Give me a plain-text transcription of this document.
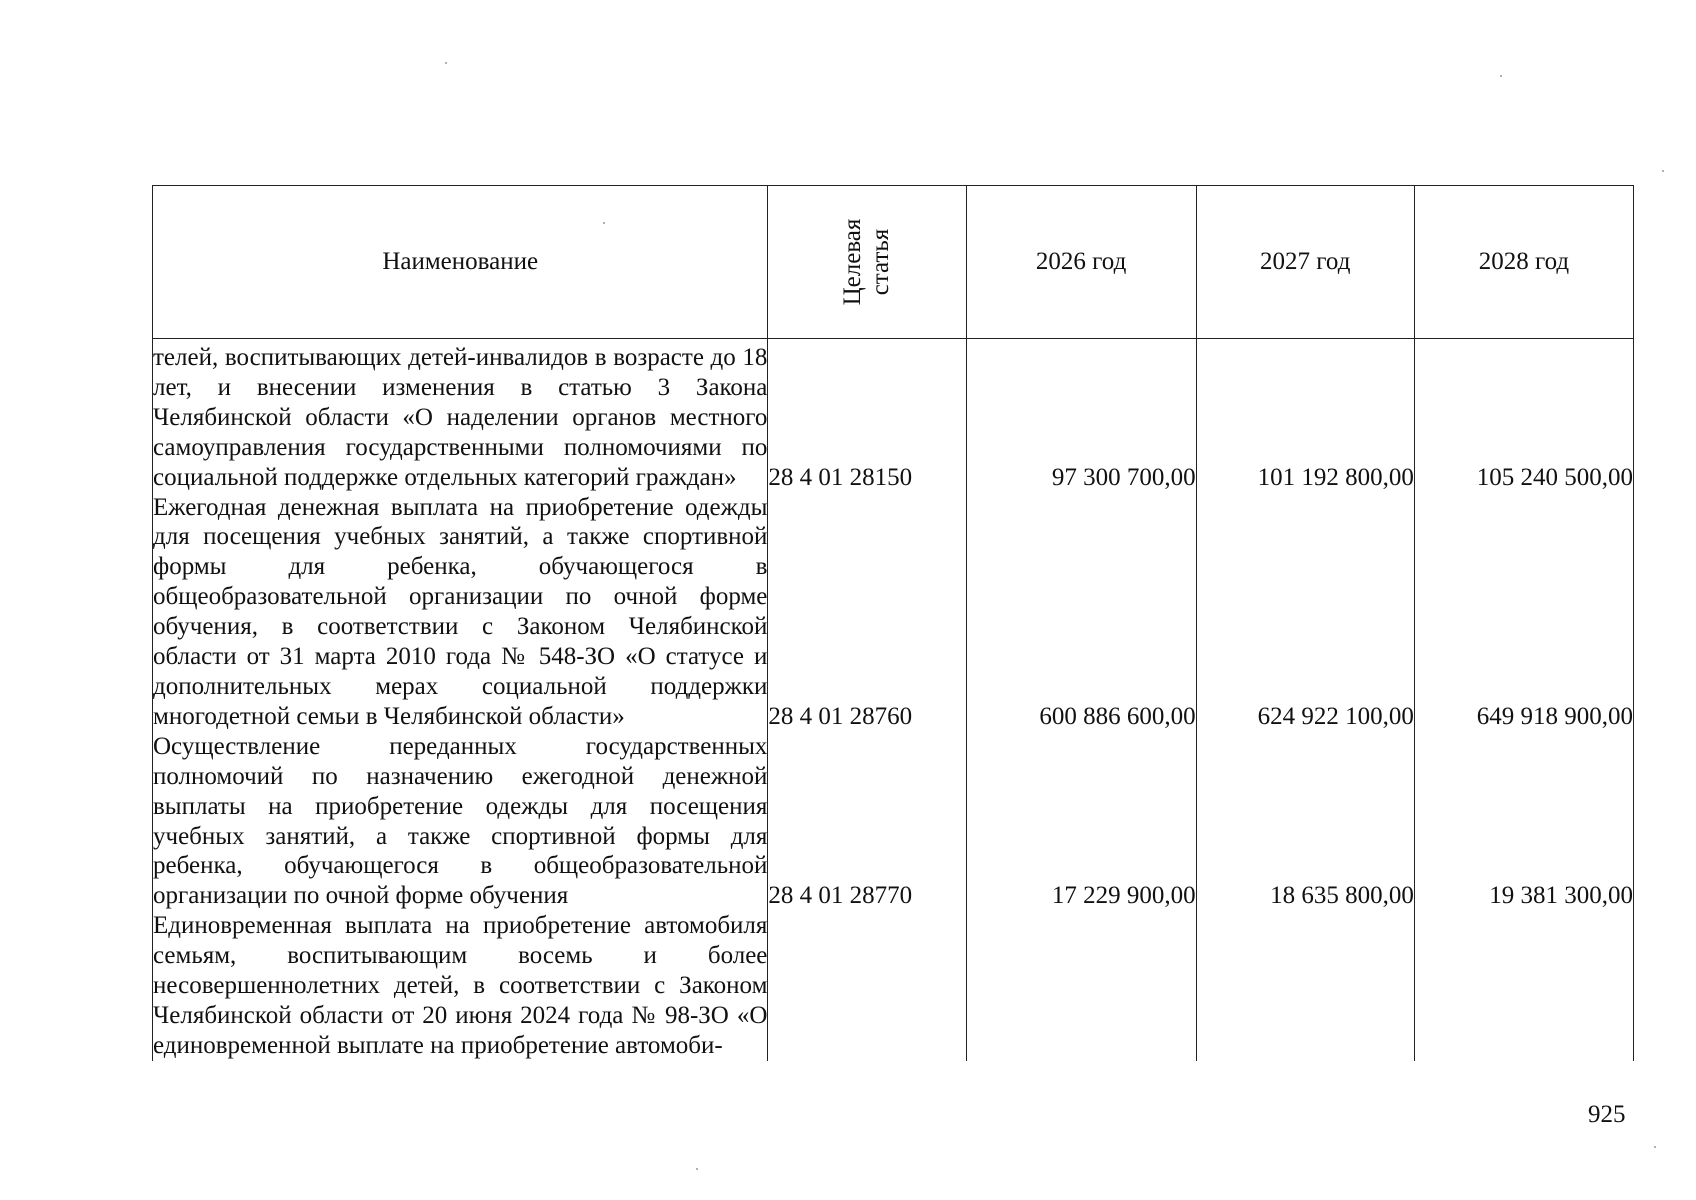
Наименование	Целевая статья	2026 год	2027 год	2028 год
телей, воспитывающих детей-инвалидов в возрасте до 18 лет, и внесении изменения в статью 3 Закона Челябинской области «О наделении органов местного самоуправления государственными полномочиями по социальной поддержке отдельных категорий граждан»	28 4 01 28150	97 300 700,00	101 192 800,00	105 240 500,00
Ежегодная денежная выплата на приобретение одежды для посещения учебных занятий, а также спортивной формы для ребенка, обучающегося в общеобразовательной организации по очной форме обучения, в соответствии с Законом Челябинской области от 31 марта 2010 года № 548-ЗО «О статусе и дополнительных мерах социальной поддержки многодетной семьи в Челябинской области»	28 4 01 28760	600 886 600,00	624 922 100,00	649 918 900,00
Осуществление переданных государственных полномочий по назначению ежегодной денежной выплаты на приобретение одежды для посещения учебных занятий, а также спортивной формы для ребенка, обучающегося в общеобразовательной организации по очной форме обучения	28 4 01 28770	17 229 900,00	18 635 800,00	19 381 300,00
Единовременная выплата на приобретение автомобиля семьям, воспитывающим восемь и более несовершеннолетних детей, в соответствии с Законом Челябинской области от 20 июня 2024 года № 98-ЗО «О единовременной выплате на приобретение автомоби-				
925
